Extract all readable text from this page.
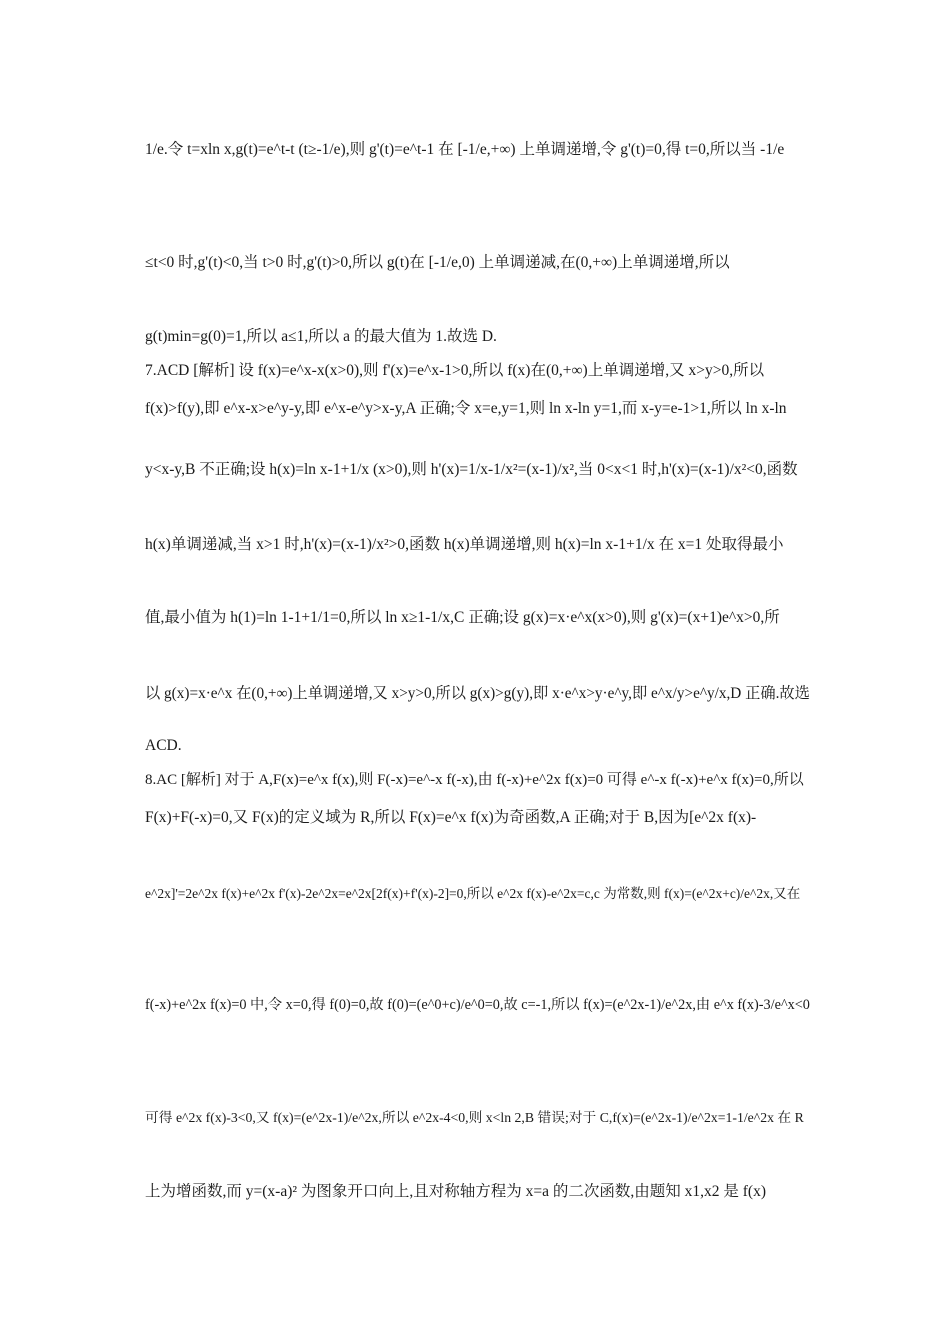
1/e.令 t=xln x,g(t)=e^t-t (t≥-1/e),则 g'(t)=e^t-1 在 [-1/e,+∞) 上单调递增,令 g'(t)=0,得 t=0,所以当 -1/e
≤t<0 时,g'(t)<0,当 t>0 时,g'(t)>0,所以 g(t)在 [-1/e,0) 上单调递减,在(0,+∞)上单调递增,所以
g(t)min=g(0)=1,所以 a≤1,所以 a 的最大值为 1.故选 D.
7.ACD [解析] 设 f(x)=e^x-x(x>0),则 f'(x)=e^x-1>0,所以 f(x)在(0,+∞)上单调递增,又 x>y>0,所以
f(x)>f(y),即 e^x-x>e^y-y,即 e^x-e^y>x-y,A 正确;令 x=e,y=1,则 ln x-ln y=1,而 x-y=e-1>1,所以 ln x-ln
y<x-y,B 不正确;设 h(x)=ln x-1+1/x (x>0),则 h'(x)=1/x-1/x²=(x-1)/x²,当 0<x<1 时,h'(x)=(x-1)/x²<0,函数
h(x)单调递减,当 x>1 时,h'(x)=(x-1)/x²>0,函数 h(x)单调递增,则 h(x)=ln x-1+1/x 在 x=1 处取得最小
值,最小值为 h(1)=ln 1-1+1/1=0,所以 ln x≥1-1/x,C 正确;设 g(x)=x·e^x(x>0),则 g'(x)=(x+1)e^x>0,所
以 g(x)=x·e^x 在(0,+∞)上单调递增,又 x>y>0,所以 g(x)>g(y),即 x·e^x>y·e^y,即 e^x/y>e^y/x,D 正确.故选
ACD.
8.AC [解析] 对于 A,F(x)=e^x f(x),则 F(-x)=e^-x f(-x),由 f(-x)+e^2x f(x)=0 可得 e^-x f(-x)+e^x f(x)=0,所以
F(x)+F(-x)=0,又 F(x)的定义域为 R,所以 F(x)=e^x f(x)为奇函数,A 正确;对于 B,因为[e^2x f(x)-
e^2x]'=2e^2x f(x)+e^2x f'(x)-2e^2x=e^2x[2f(x)+f'(x)-2]=0,所以 e^2x f(x)-e^2x=c,c 为常数,则 f(x)=(e^2x+c)/e^2x,又在
f(-x)+e^2x f(x)=0 中,令 x=0,得 f(0)=0,故 f(0)=(e^0+c)/e^0=0,故 c=-1,所以 f(x)=(e^2x-1)/e^2x,由 e^x f(x)-3/e^x<0
可得 e^2x f(x)-3<0,又 f(x)=(e^2x-1)/e^2x,所以 e^2x-4<0,则 x<ln 2,B 错误;对于 C,f(x)=(e^2x-1)/e^2x=1-1/e^2x 在 R
上为增函数,而 y=(x-a)² 为图象开口向上,且对称轴方程为 x=a 的二次函数,由题知 x1,x2 是 f(x)
